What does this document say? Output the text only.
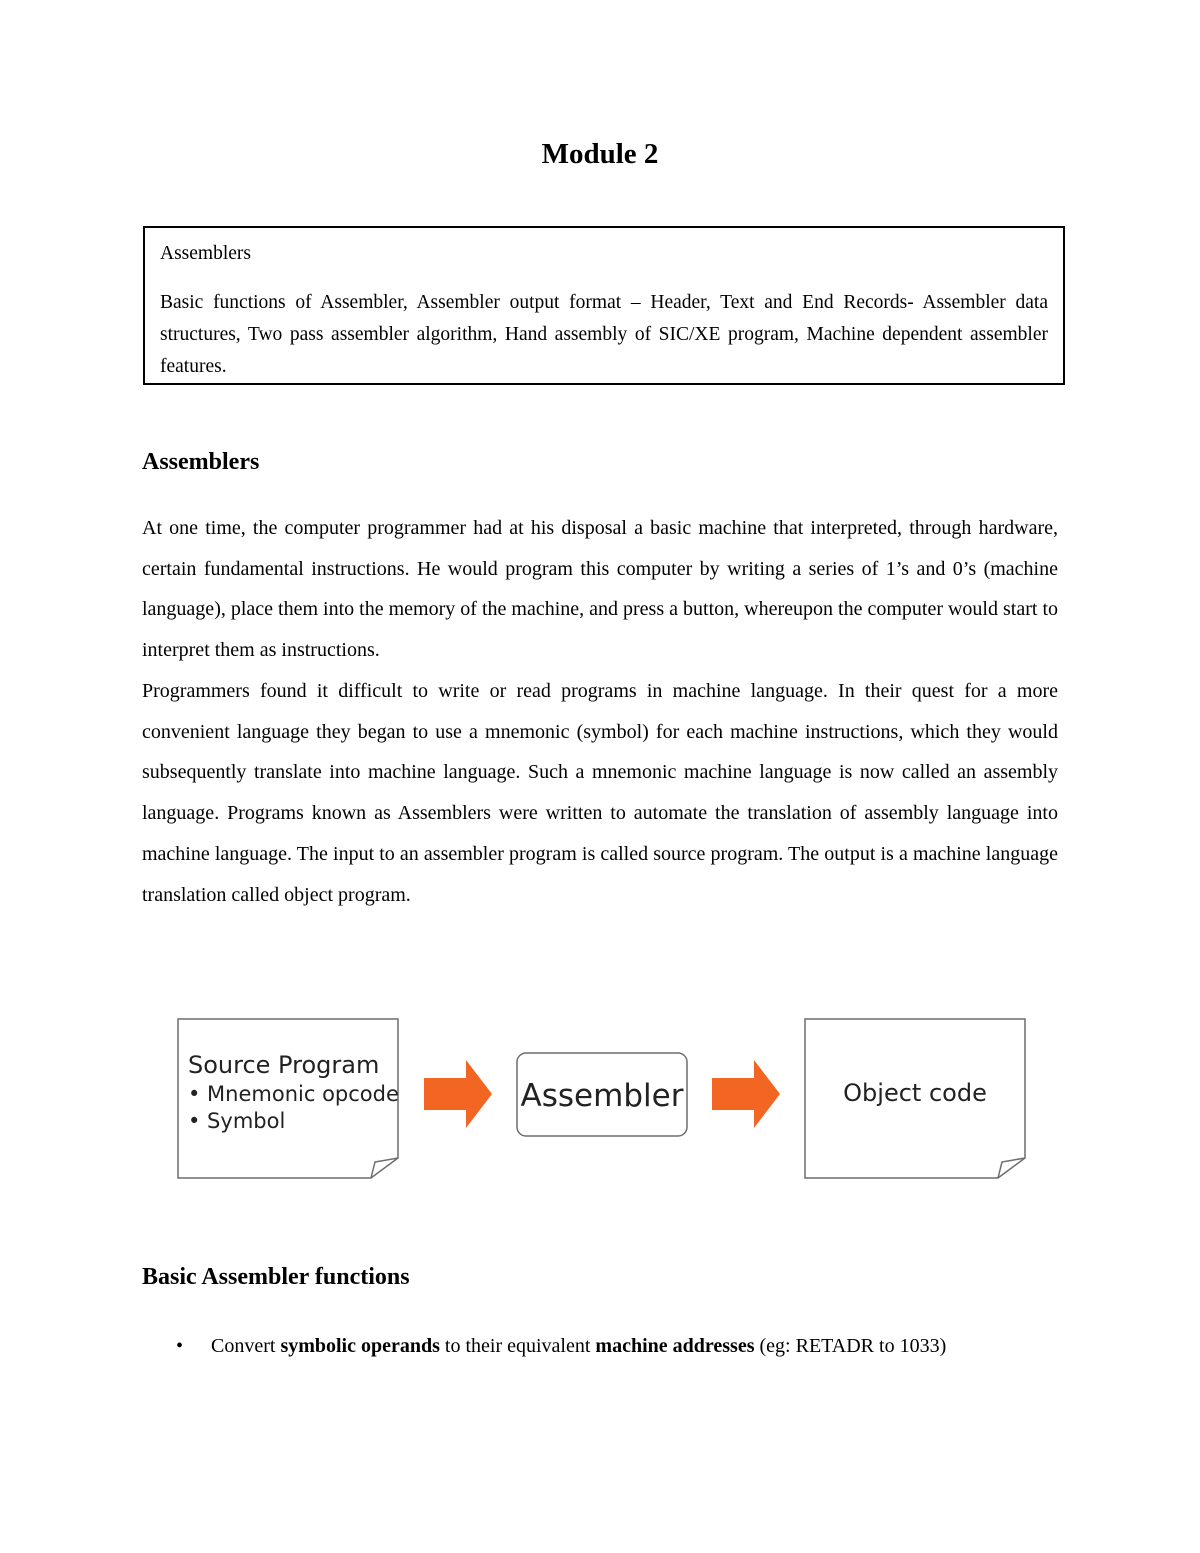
Module 2
Assemblers
Basic functions of Assembler, Assembler output format – Header, Text and End Records- Assembler data structures, Two pass assembler algorithm, Hand assembly of SIC/XE program, Machine dependent assembler features.
Assemblers

At one time, the computer programmer had at his disposal a basic machine that interpreted, through hardware, certain fundamental instructions. He would program this computer by writing a series of 1’s and 0’s (machine language), place them into the memory of the machine, and press a button, whereupon the computer would start to interpret them as instructions.

Programmers found it difficult to write or read programs in machine language. In their quest for a more convenient language they began to use a mnemonic (symbol) for each machine instructions, which they would subsequently translate into machine language. Such a mnemonic machine language is now called an assembly language. Programs known as Assemblers were written to automate the translation of assembly language into machine language. The input to an assembler program is called source program. The output is a machine language translation called object program.

Source Program
• Mnemonic opcode
• Symbol
Assembler	Object code
Basic Assembler functions
• Convert symbolic operands to their equivalent machine addresses (eg: RETADR to 1033)
